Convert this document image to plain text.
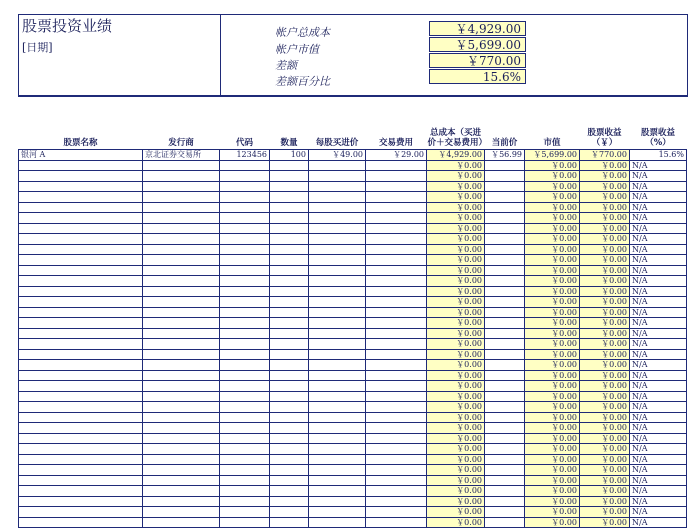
股票投资业绩
[日期]
帐户总成本	￥4,929.00
帐户市值	￥5,699.00
差额	￥770.00
差额百分比	15.6%
股票名称	发行商	代码	数量	每股买进价	交易费用	总成本（买进价＋交易费用）	当前价	市值	股票收益（￥）	股票收益（%）
银河 A	京北证券交易所	123456	100	￥49.00	￥29.00	￥4,929.00	￥56.99	￥5,699.00	￥770.00	15.6%
						￥0.00		￥0.00	￥0.00	N/A
						￥0.00		￥0.00	￥0.00	N/A
						￥0.00		￥0.00	￥0.00	N/A
						￥0.00		￥0.00	￥0.00	N/A
						￥0.00		￥0.00	￥0.00	N/A
						￥0.00		￥0.00	￥0.00	N/A
						￥0.00		￥0.00	￥0.00	N/A
						￥0.00		￥0.00	￥0.00	N/A
						￥0.00		￥0.00	￥0.00	N/A
						￥0.00		￥0.00	￥0.00	N/A
						￥0.00		￥0.00	￥0.00	N/A
						￥0.00		￥0.00	￥0.00	N/A
						￥0.00		￥0.00	￥0.00	N/A
						￥0.00		￥0.00	￥0.00	N/A
						￥0.00		￥0.00	￥0.00	N/A
						￥0.00		￥0.00	￥0.00	N/A
						￥0.00		￥0.00	￥0.00	N/A
						￥0.00		￥0.00	￥0.00	N/A
						￥0.00		￥0.00	￥0.00	N/A
						￥0.00		￥0.00	￥0.00	N/A
						￥0.00		￥0.00	￥0.00	N/A
						￥0.00		￥0.00	￥0.00	N/A
						￥0.00		￥0.00	￥0.00	N/A
						￥0.00		￥0.00	￥0.00	N/A
						￥0.00		￥0.00	￥0.00	N/A
						￥0.00		￥0.00	￥0.00	N/A
						￥0.00		￥0.00	￥0.00	N/A
						￥0.00		￥0.00	￥0.00	N/A
						￥0.00		￥0.00	￥0.00	N/A
						￥0.00		￥0.00	￥0.00	N/A
						￥0.00		￥0.00	￥0.00	N/A
						￥0.00		￥0.00	￥0.00	N/A
						￥0.00		￥0.00	￥0.00	N/A
						￥0.00		￥0.00	￥0.00	N/A
						￥0.00		￥0.00	￥0.00	N/A
